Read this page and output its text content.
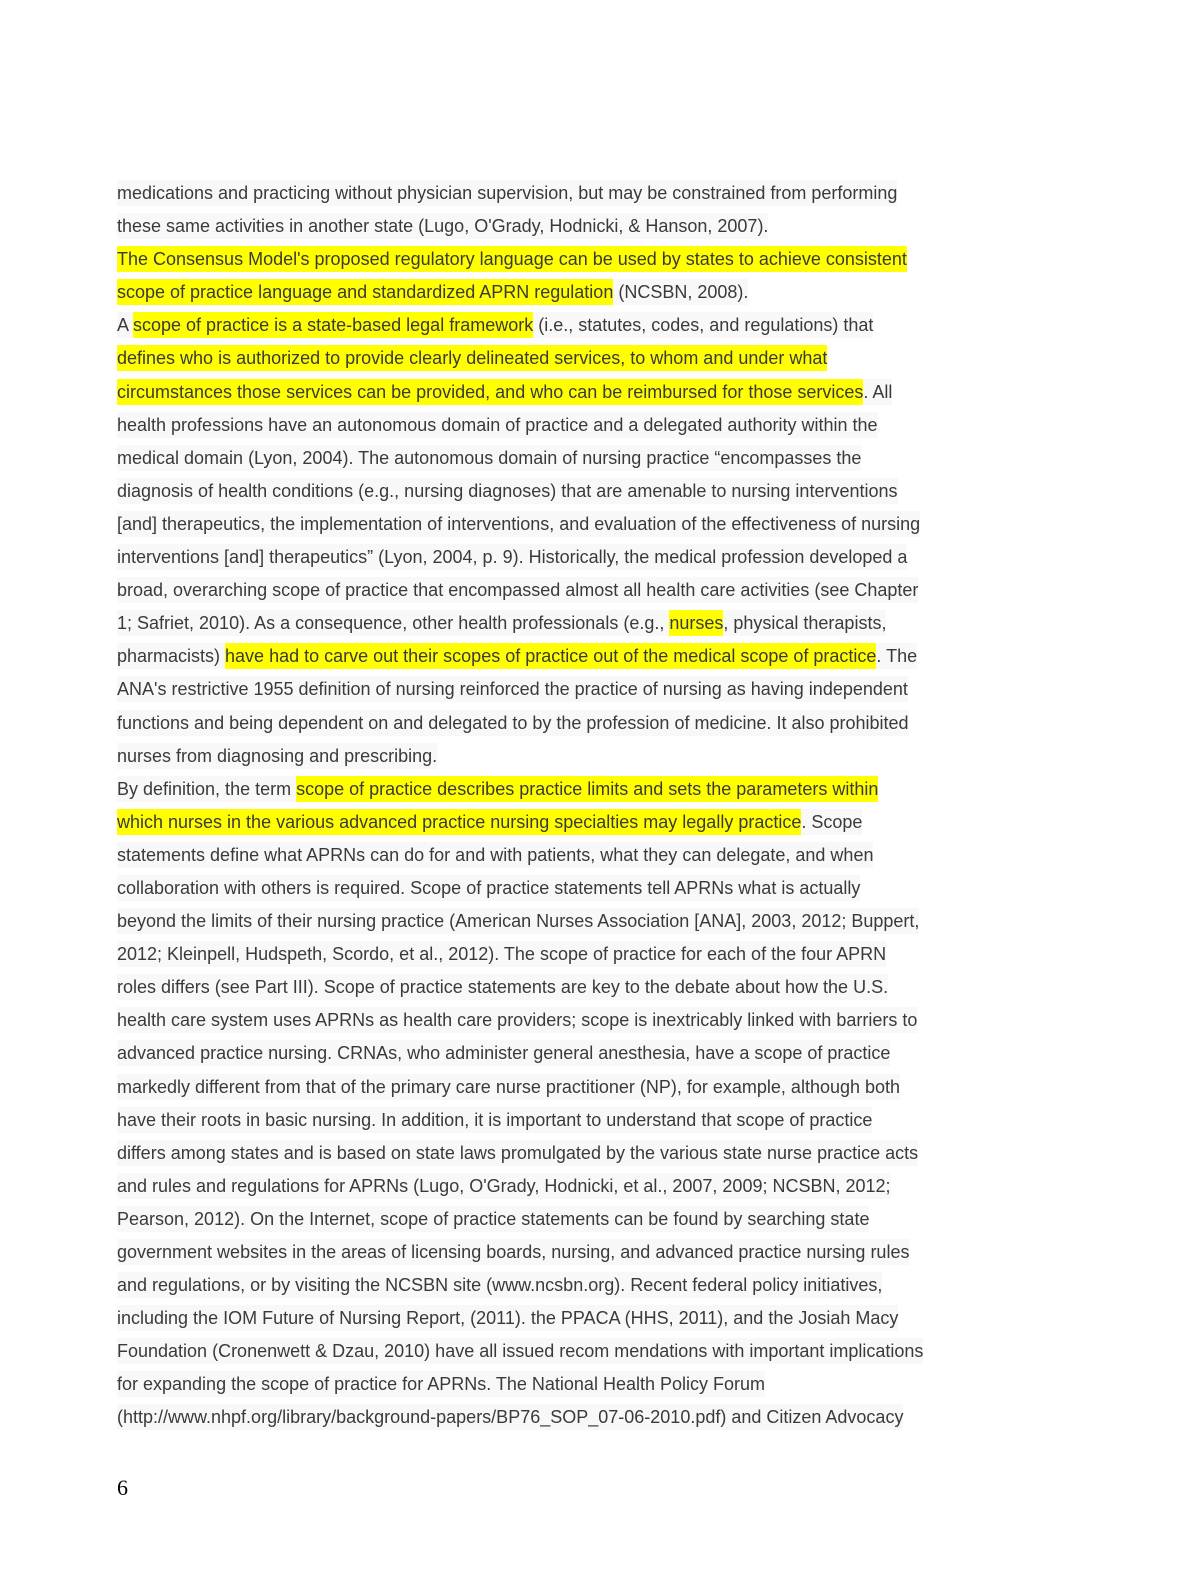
medications and practicing without physician supervision, but may be constrained from performing
these same activities in another state (Lugo, O'Grady, Hodnicki, & Hanson, 2007).
The Consensus Model's proposed regulatory language can be used by states to achieve consistent
scope of practice language and standardized APRN regulation (NCSBN, 2008).
A scope of practice is a state-based legal framework (i.e., statutes, codes, and regulations) that
defines who is authorized to provide clearly delineated services, to whom and under what
circumstances those services can be provided, and who can be reimbursed for those services. All
health professions have an autonomous domain of practice and a delegated authority within the
medical domain (Lyon, 2004). The autonomous domain of nursing practice “encompasses the
diagnosis of health conditions (e.g., nursing diagnoses) that are amenable to nursing interventions
[and] therapeutics, the implementation of interventions, and evaluation of the effectiveness of nursing
interventions [and] therapeutics” (Lyon, 2004, p. 9). Historically, the medical profession developed a
broad, overarching scope of practice that encompassed almost all health care activities (see Chapter
1; Safriet, 2010). As a consequence, other health professionals (e.g., nurses, physical therapists,
pharmacists) have had to carve out their scopes of practice out of the medical scope of practice. The
ANA's restrictive 1955 definition of nursing reinforced the practice of nursing as having independent
functions and being dependent on and delegated to by the profession of medicine. It also prohibited
nurses from diagnosing and prescribing.
By definition, the term scope of practice describes practice limits and sets the parameters within
which nurses in the various advanced practice nursing specialties may legally practice. Scope
statements define what APRNs can do for and with patients, what they can delegate, and when
collaboration with others is required. Scope of practice statements tell APRNs what is actually
beyond the limits of their nursing practice (American Nurses Association [ANA], 2003, 2012; Buppert,
2012; Kleinpell, Hudspeth, Scordo, et al., 2012). The scope of practice for each of the four APRN
roles differs (see Part III). Scope of practice statements are key to the debate about how the U.S.
health care system uses APRNs as health care providers; scope is inextricably linked with barriers to
advanced practice nursing. CRNAs, who administer general anesthesia, have a scope of practice
markedly different from that of the primary care nurse practitioner (NP), for example, although both
have their roots in basic nursing. In addition, it is important to understand that scope of practice
differs among states and is based on state laws promulgated by the various state nurse practice acts
and rules and regulations for APRNs (Lugo, O'Grady, Hodnicki, et al., 2007, 2009; NCSBN, 2012;
Pearson, 2012). On the Internet, scope of practice statements can be found by searching state
government websites in the areas of licensing boards, nursing, and advanced practice nursing rules
and regulations, or by visiting the NCSBN site (www.ncsbn.org). Recent federal policy initiatives,
including the IOM Future of Nursing Report, (2011). the PPACA (HHS, 2011), and the Josiah Macy
Foundation (Cronenwett & Dzau, 2010) have all issued recom mendations with important implications
for expanding the scope of practice for APRNs. The National Health Policy Forum
(http://www.nhpf.org/library/background-papers/BP76_SOP_07-06-2010.pdf) and Citizen Advocacy
6
